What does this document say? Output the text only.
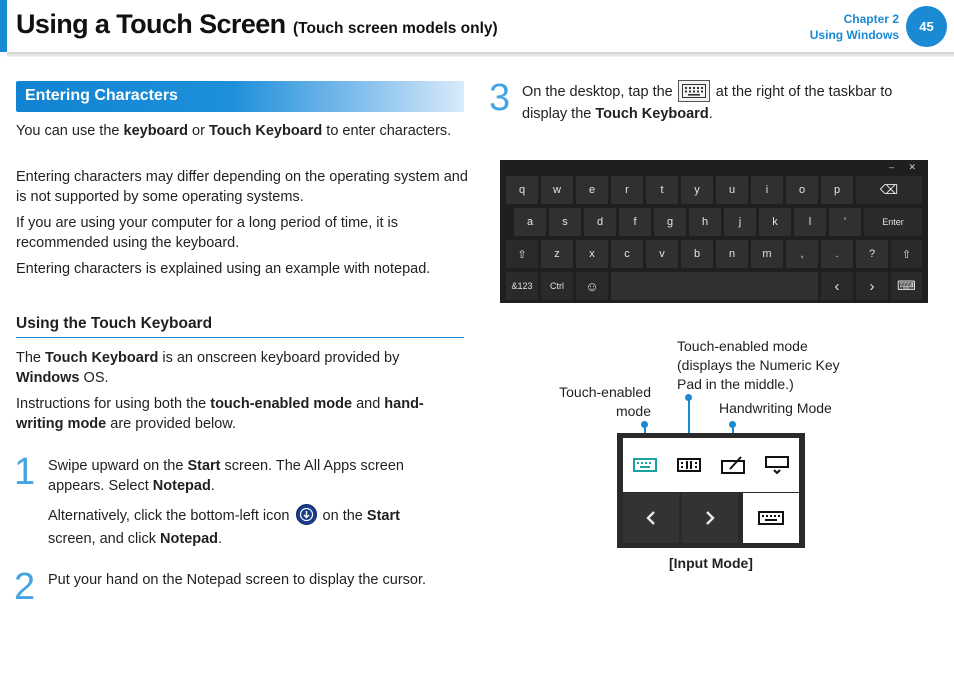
Using a Touch Screen (Touch screen models only)
Chapter 2
Using Windows
45
Entering Characters
You can use the keyboard or Touch Keyboard to enter characters.
Entering characters may differ depending on the operating system and is not supported by some operating systems.
If you are using your computer for a long period of time, it is recommended using the keyboard.
Entering characters is explained using an example with notepad.
Using the Touch Keyboard
The Touch Keyboard is an onscreen keyboard provided by Windows OS.
Instructions for using both the touch-enabled mode and hand-writing mode are provided below.
1 Swipe upward on the Start screen. The All Apps screen appears. Select Notepad.
Alternatively, click the bottom-left icon
on the Start
screen, and click Notepad.
2 Put your hand on the Notepad screen to display the cursor.
3 On the desktop, tap the
at the right of the taskbar to display the Touch Keyboard.
– ✕
q	w	e	r	t	y	u	i	o	p	⌫
a	s	d	f	g	h	j	k	l	'	Enter
⇧	z	x	c	v	b	n	m	,	.	?	⇧
&123	Ctrl	☺	‹	›	⌨
Touch-enabled mode (displays the Numeric Key Pad in the middle.)
Touch-enabled mode	Handwriting Mode
[Input Mode]
